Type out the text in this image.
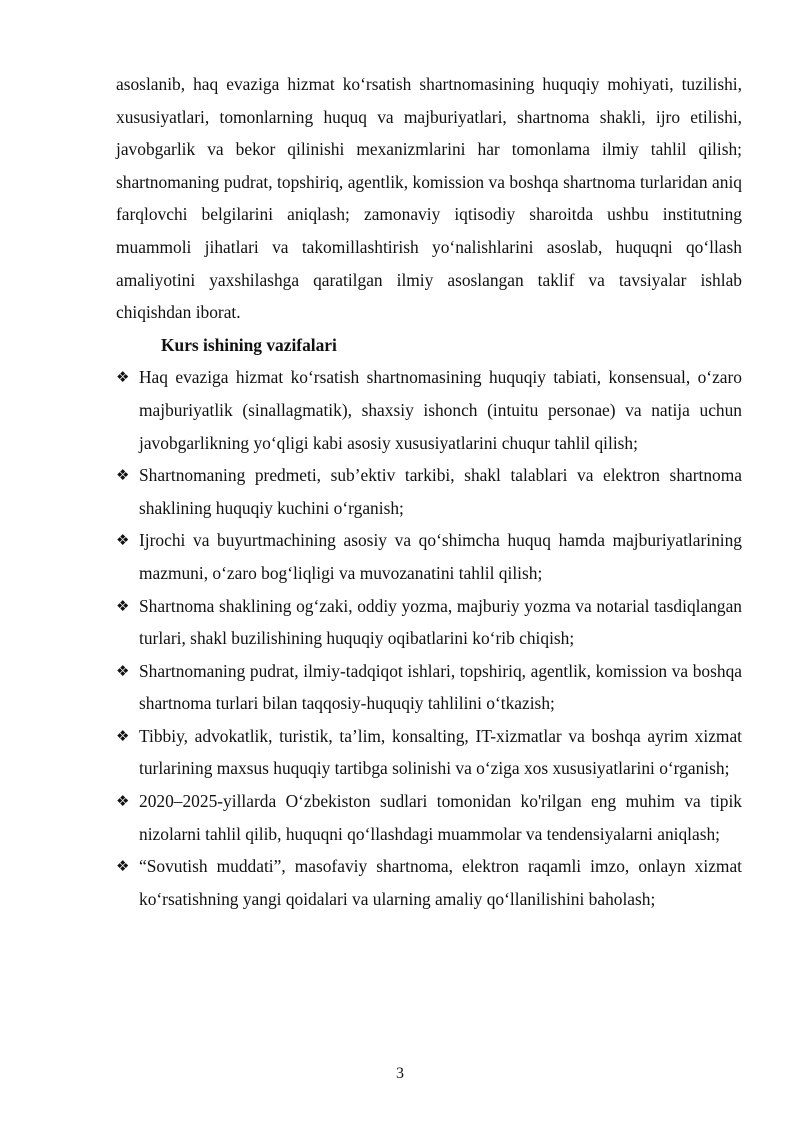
asoslanib, haq evaziga hizmat ko‘rsatish shartnomasining huquqiy mohiyati, tuzilishi, xususiyatlari, tomonlarning huquq va majburiyatlari, shartnoma shakli, ijro etilishi, javobgarlik va bekor qilinishi mexanizmlarini har tomonlama ilmiy tahlil qilish; shartnomaning pudrat, topshiriq, agentlik, komission va boshqa shartnoma turlaridan aniq farqlovchi belgilarini aniqlash; zamonaviy iqtisodiy sharoitda ushbu institutning muammoli jihatlari va takomillashtirish yo‘nalishlarini asoslab, huquqni qo‘llash amaliyotini yaxshilashga qaratilgan ilmiy asoslangan taklif va tavsiyalar ishlab chiqishdan iborat.

Kurs ishining vazifalari

❖ Haq evaziga hizmat ko‘rsatish shartnomasining huquqiy tabiati, konsensual, o‘zaro majburiyatlik (sinallagmatik), shaxsiy ishonch (intuitu personae) va natija uchun javobgarlikning yo‘qligi kabi asosiy xususiyatlarini chuqur tahlil qilish;
❖ Shartnomaning predmeti, sub’ektiv tarkibi, shakl talablari va elektron shartnoma shaklining huquqiy kuchini o‘rganish;
❖ Ijrochi va buyurtmachining asosiy va qo‘shimcha huquq hamda majburiyatlarining mazmuni, o‘zaro bog‘liqligi va muvozanatini tahlil qilish;
❖ Shartnoma shaklining og‘zaki, oddiy yozma, majburiy yozma va notarial tasdiqlangan turlari, shakl buzilishining huquqiy oqibatlarini ko‘rib chiqish;
❖ Shartnomaning pudrat, ilmiy-tadqiqot ishlari, topshiriq, agentlik, komission va boshqa shartnoma turlari bilan taqqosiy-huquqiy tahlilini o‘tkazish;
❖ Tibbiy, advokatlik, turistik, ta’lim, konsalting, IT-xizmatlar va boshqa ayrim xizmat turlarining maxsus huquqiy tartibga solinishi va o‘ziga xos xususiyatlarini o‘rganish;
❖ 2020–2025-yillarda O‘zbekiston sudlari tomonidan ko'rilgan eng muhim va tipik nizolarni tahlil qilib, huquqni qo‘llashdagi muammolar va tendensiyalarni aniqlash;
❖ “Sovutish muddati”, masofaviy shartnoma, elektron raqamli imzo, onlayn xizmat ko‘rsatishning yangi qoidalari va ularning amaliy qo‘llanilishini baholash;
3
